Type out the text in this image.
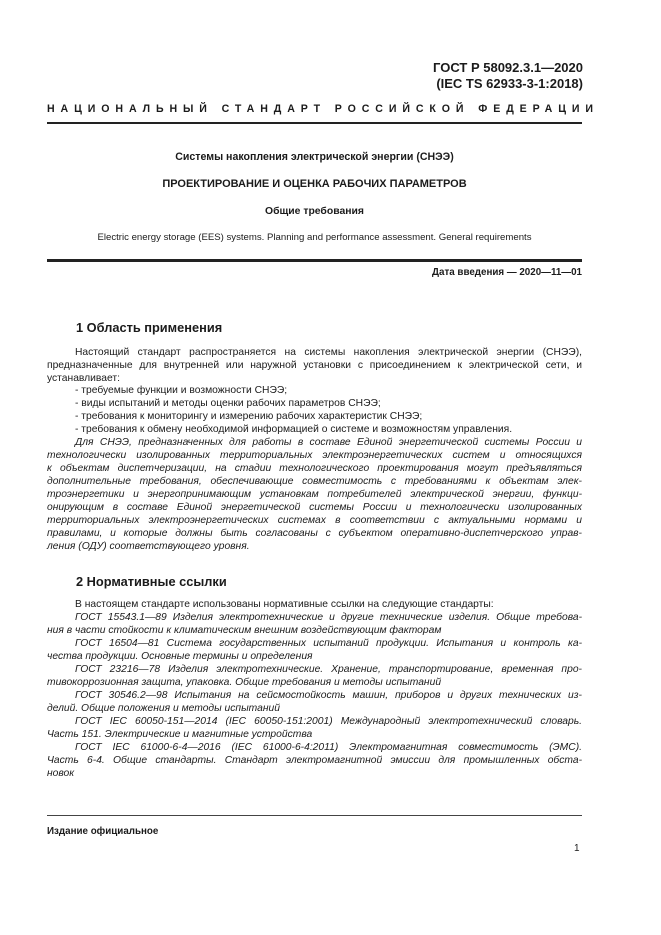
ГОСТ Р 58092.3.1—2020
(IEC TS 62933-3-1:2018)
НАЦИОНАЛЬНЫЙ СТАНДАРТ РОССИЙСКОЙ ФЕДЕРАЦИИ
Системы накопления электрической энергии (СНЭЭ)
ПРОЕКТИРОВАНИЕ И ОЦЕНКА РАБОЧИХ ПАРАМЕТРОВ
Общие требования
Electric energy storage (EES) systems. Planning and performance assessment. General requirements
Дата введения — 2020—11—01
1 Область применения
Настоящий стандарт распространяется на системы накопления электрической энергии (СНЭЭ),
предназначенные для внутренней или наружной установки с присоединением к электрической сети, и
устанавливает:
- требуемые функции и возможности СНЭЭ;
- виды испытаний и методы оценки рабочих параметров СНЭЭ;
- требования к мониторингу и измерению рабочих характеристик СНЭЭ;
- требования к обмену необходимой информацией о системе и возможностям управления.
Для СНЭЭ, предназначенных для работы в составе Единой энергетической системы России и
технологически изолированных территориальных электроэнергетических систем и относящихся
к объектам диспетчеризации, на стадии технологического проектирования могут предъявляться
дополнительные требования, обеспечивающие совместимость с требованиями к объектам элек-
троэнергетики и энергопринимающим установкам потребителей электрической энергии, функци-
онирующим в составе Единой энергетической системы России и технологически изолированных
территориальных электроэнергетических системах в соответствии с актуальными нормами и
правилами, и которые должны быть согласованы с субъектом оперативно-диспетчерского управ-
ления (ОДУ) соответствующего уровня.
2 Нормативные ссылки
В настоящем стандарте использованы нормативные ссылки на следующие стандарты:
ГОСТ 15543.1—89 Изделия электротехнические и другие технические изделия. Общие требова-
ния в части стойкости к климатическим внешним воздействующим факторам
ГОСТ 16504—81 Система государственных испытаний продукции. Испытания и контроль ка-
чества продукции. Основные термины и определения
ГОСТ 23216—78 Изделия электротехнические. Хранение, транспортирование, временная про-
тивокоррозионная защита, упаковка. Общие требования и методы испытаний
ГОСТ 30546.2—98 Испытания на сейсмостойкость машин, приборов и других технических из-
делий. Общие положения и методы испытаний
ГОСТ IEC 60050-151—2014 (IEC 60050-151:2001) Международный электротехнический словарь.
Часть 151. Электрические и магнитные устройства
ГОСТ IEC 61000-6-4—2016 (IEC 61000-6-4:2011) Электромагнитная совместимость (ЭМС).
Часть 6-4. Общие стандарты. Стандарт электромагнитной эмиссии для промышленных обста-
новок
Издание официальное
1
